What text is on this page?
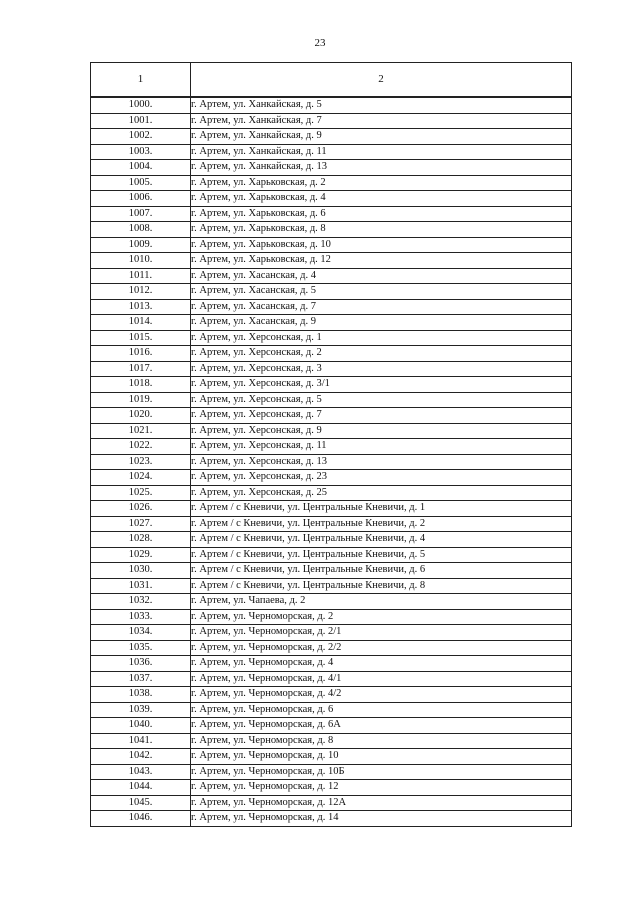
23
1	2
1000.	г. Артем, ул. Ханкайская, д. 5
1001.	г. Артем, ул. Ханкайская, д. 7
1002.	г. Артем, ул. Ханкайская, д. 9
1003.	г. Артем, ул. Ханкайская, д. 11
1004.	г. Артем, ул. Ханкайская, д. 13
1005.	г. Артем, ул. Харьковская, д. 2
1006.	г. Артем, ул. Харьковская, д. 4
1007.	г. Артем, ул. Харьковская, д. 6
1008.	г. Артем, ул. Харьковская, д. 8
1009.	г. Артем, ул. Харьковская, д. 10
1010.	г. Артем, ул. Харьковская, д. 12
1011.	г. Артем, ул. Хасанская, д. 4
1012.	г. Артем, ул. Хасанская, д. 5
1013.	г. Артем, ул. Хасанская, д. 7
1014.	г. Артем, ул. Хасанская, д. 9
1015.	г. Артем, ул. Херсонская, д. 1
1016.	г. Артем, ул. Херсонская, д. 2
1017.	г. Артем, ул. Херсонская, д. 3
1018.	г. Артем, ул. Херсонская, д. 3/1
1019.	г. Артем, ул. Херсонская, д. 5
1020.	г. Артем, ул. Херсонская, д. 7
1021.	г. Артем, ул. Херсонская, д. 9
1022.	г. Артем, ул. Херсонская, д. 11
1023.	г. Артем, ул. Херсонская, д. 13
1024.	г. Артем, ул. Херсонская, д. 23
1025.	г. Артем, ул. Херсонская, д. 25
1026.	г. Артем / с Кневичи, ул. Центральные Кневичи, д. 1
1027.	г. Артем / с Кневичи, ул. Центральные Кневичи, д. 2
1028.	г. Артем / с Кневичи, ул. Центральные Кневичи, д. 4
1029.	г. Артем / с Кневичи, ул. Центральные Кневичи, д. 5
1030.	г. Артем / с Кневичи, ул. Центральные Кневичи, д. 6
1031.	г. Артем / с Кневичи, ул. Центральные Кневичи, д. 8
1032.	г. Артем, ул. Чапаева, д. 2
1033.	г. Артем, ул. Черноморская, д. 2
1034.	г. Артем, ул. Черноморская, д. 2/1
1035.	г. Артем, ул. Черноморская, д. 2/2
1036.	г. Артем, ул. Черноморская, д. 4
1037.	г. Артем, ул. Черноморская, д. 4/1
1038.	г. Артем, ул. Черноморская, д. 4/2
1039.	г. Артем, ул. Черноморская, д. 6
1040.	г. Артем, ул. Черноморская, д. 6А
1041.	г. Артем, ул. Черноморская, д. 8
1042.	г. Артем, ул. Черноморская, д. 10
1043.	г. Артем, ул. Черноморская, д. 10Б
1044.	г. Артем, ул. Черноморская, д. 12
1045.	г. Артем, ул. Черноморская, д. 12А
1046.	г. Артем, ул. Черноморская, д. 14
